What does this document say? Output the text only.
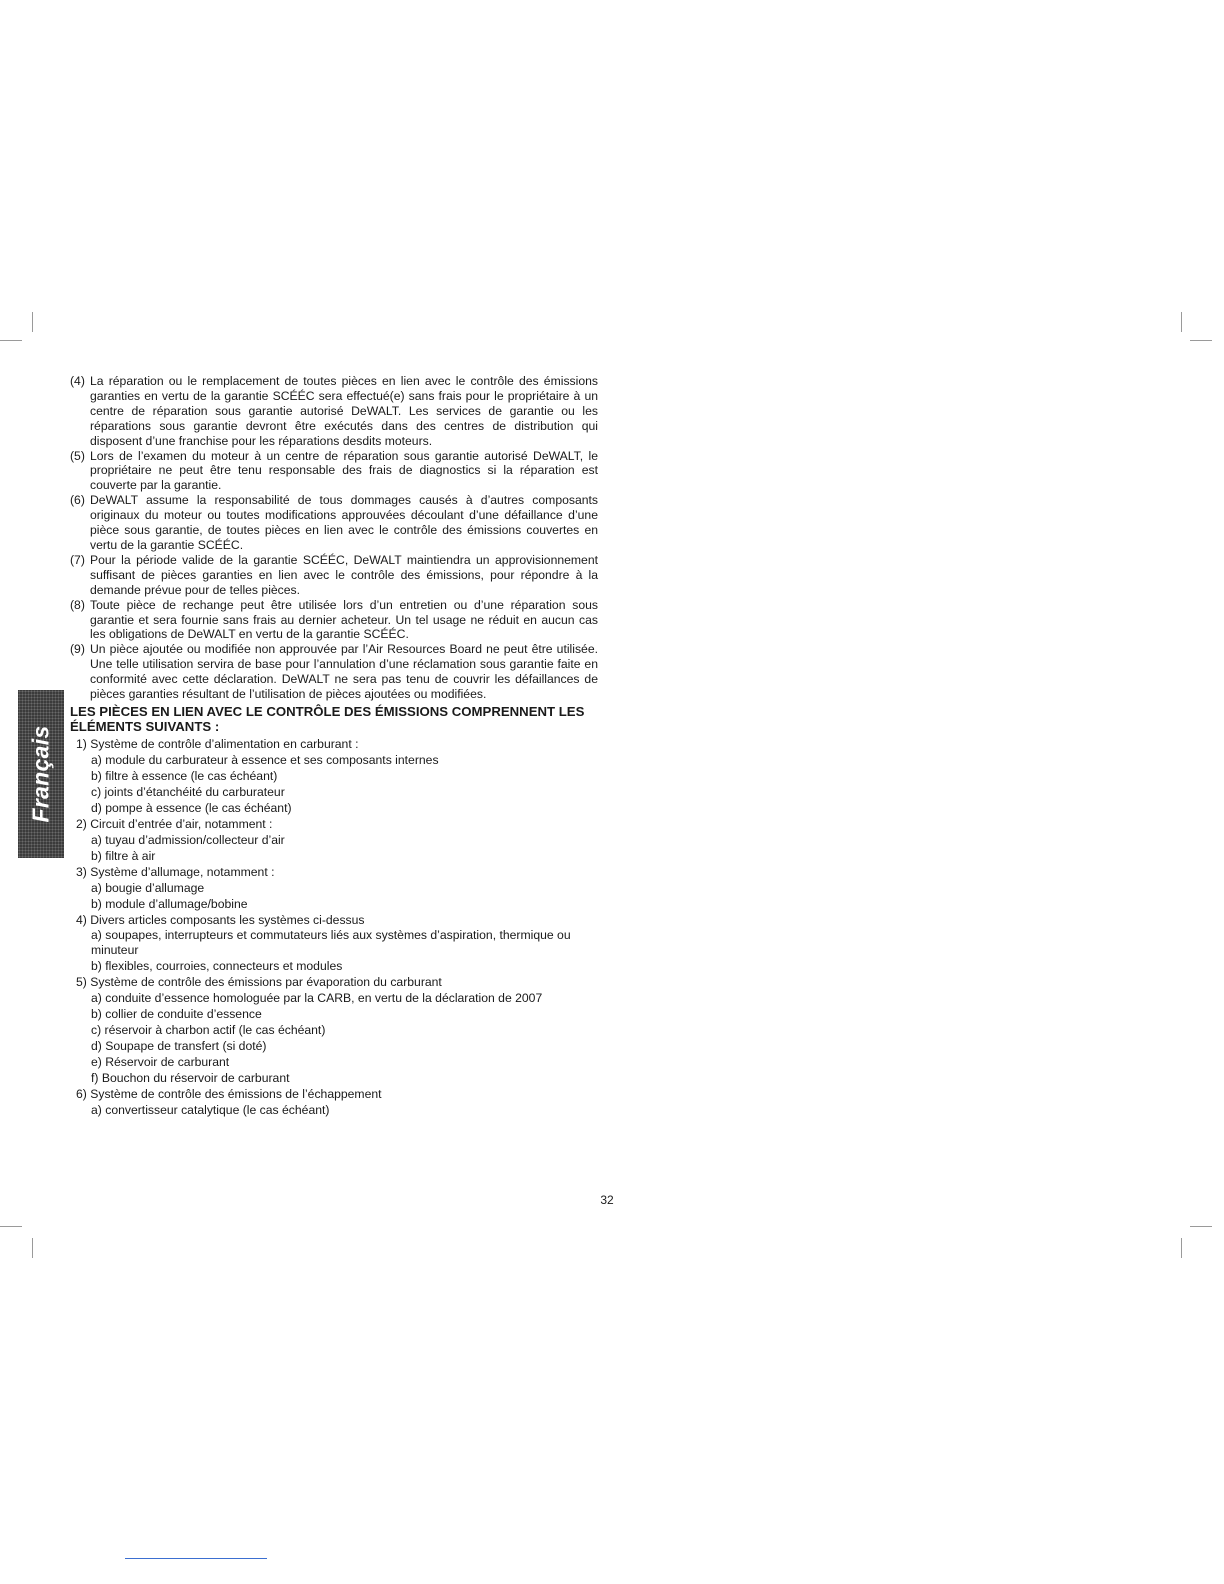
Français
(4) La réparation ou le remplacement de toutes pièces en lien avec le contrôle des émissions garanties en vertu de la garantie SCÉÉC sera effectué(e) sans frais pour le propriétaire à un centre de réparation sous garantie autorisé DeWALT. Les services de garantie ou les réparations sous garantie devront être exécutés dans des centres de distribution qui disposent d’une franchise pour les réparations desdits moteurs.
(5) Lors de l’examen du moteur à un centre de réparation sous garantie autorisé DeWALT, le propriétaire ne peut être tenu responsable des frais de diagnostics si la réparation est couverte par la garantie.
(6) DeWALT assume la responsabilité de tous dommages causés à d’autres composants originaux du moteur ou toutes modifications approuvées découlant d’une défaillance d’une pièce sous garantie, de toutes pièces en lien avec le contrôle des émissions couvertes en vertu de la garantie SCÉÉC.
(7) Pour la période valide de la garantie SCÉÉC, DeWALT maintiendra un approvisionnement suffisant de pièces garanties en lien avec le contrôle des émissions, pour répondre à la demande prévue pour de telles pièces.
(8) Toute pièce de rechange peut être utilisée lors d’un entretien ou d’une réparation sous garantie et sera fournie sans frais au dernier acheteur. Un tel usage ne réduit en aucun cas les obligations de DeWALT en vertu de la garantie SCÉÉC.
(9) Un pièce ajoutée ou modifiée non approuvée par l’Air Resources Board ne peut être utilisée. Une telle utilisation servira de base pour l’annulation d’une réclamation sous garantie faite en conformité avec cette déclaration. DeWALT ne sera pas tenu de couvrir les défaillances de pièces garanties résultant de l’utilisation de pièces ajoutées ou modifiées.
LES PIÈCES EN LIEN AVEC LE CONTRÔLE DES ÉMISSIONS COMPRENNENT LES ÉLÉMENTS SUIVANTS :
1) Système de contrôle d’alimentation en carburant :
a) module du carburateur à essence et ses composants internes
b) filtre à essence (le cas échéant)
c) joints d’étanchéité du carburateur
d) pompe à essence (le cas échéant)
2) Circuit d’entrée d’air, notamment :
a) tuyau d’admission/collecteur d’air
b) filtre à air
3) Système d’allumage, notamment :
a) bougie d’allumage
b) module d’allumage/bobine
4) Divers articles composants les systèmes ci-dessus
a) soupapes, interrupteurs et commutateurs liés aux systèmes d’aspiration, thermique ou minuteur
b) flexibles, courroies, connecteurs et modules
5) Système de contrôle des émissions par évaporation du carburant
a) conduite d’essence homologuée par la CARB, en vertu de la déclaration de 2007
b) collier de conduite d’essence
c) réservoir à charbon actif (le cas échéant)
d) Soupape de transfert (si doté)
e) Réservoir de carburant
f) Bouchon du réservoir de carburant
6) Système de contrôle des émissions de l’échappement
a) convertisseur catalytique (le cas échéant)
32
